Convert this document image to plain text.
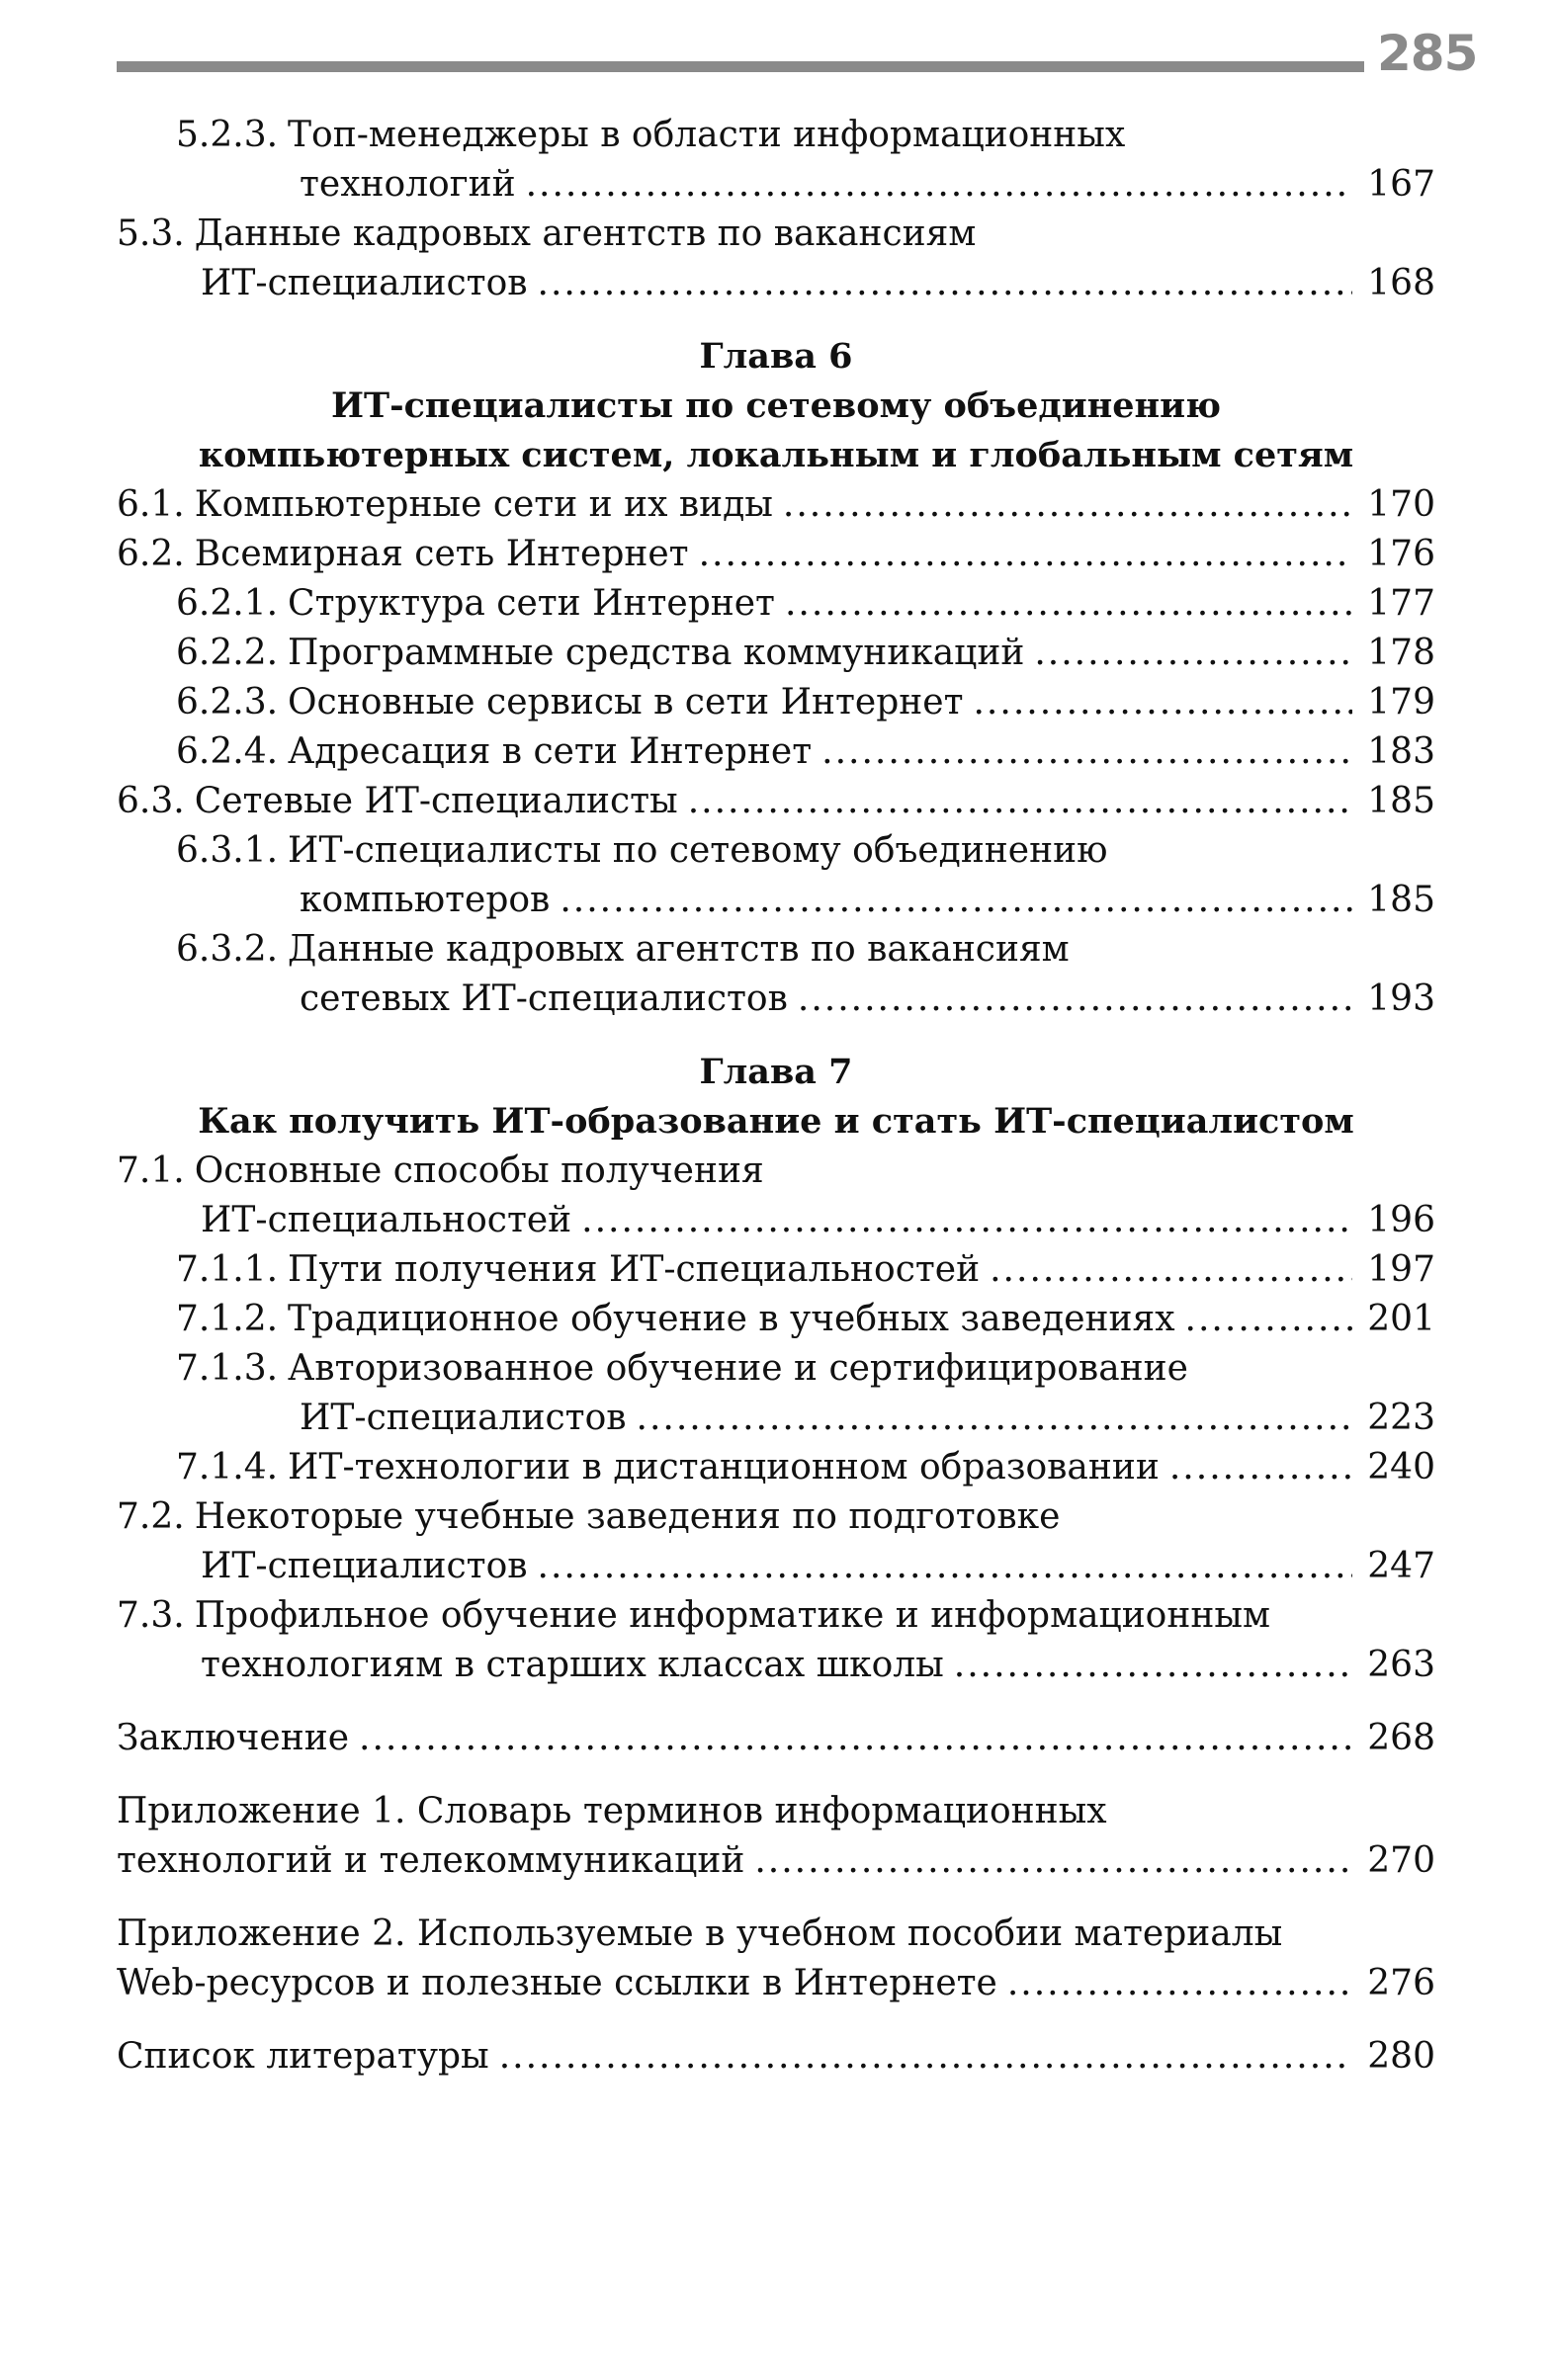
285
5.2.3. Топ-менеджеры в области информационных
технологий .....	167
5.3. Данные кадровых агентств по вакансиям
ИТ-специалистов .....	168
Глава 6
ИТ-специалисты по сетевому объединению
компьютерных систем, локальным и глобальным сетям
6.1. Компьютерные сети и их виды .....	170
6.2. Всемирная сеть Интернет .....	176
6.2.1. Структура сети Интернет .....	177
6.2.2. Программные средства коммуникаций .....	178
6.2.3. Основные сервисы в сети Интернет .....	179
6.2.4. Адресация в сети Интернет .....	183
6.3. Сетевые ИТ-специалисты .....	185
6.3.1. ИТ-специалисты по сетевому объединению
компьютеров .....	185
6.3.2. Данные кадровых агентств по вакансиям
сетевых ИТ-специалистов .....	193
Глава 7
Как получить ИТ-образование и стать ИТ-специалистом
7.1. Основные способы получения
ИТ-специальностей .....	196
7.1.1. Пути получения ИТ-специальностей .....	197
7.1.2. Традиционное обучение в учебных заведениях .....	201
7.1.3. Авторизованное обучение и сертифицирование
ИТ-специалистов .....	223
7.1.4. ИТ-технологии в дистанционном образовании .....	240
7.2. Некоторые учебные заведения по подготовке
ИТ-специалистов .....	247
7.3. Профильное обучение информатике и информационным
технологиям в старших классах школы .....	263
Заключение .....	268
Приложение 1. Словарь терминов информационных
технологий и телекоммуникаций .....	270
Приложение 2. Используемые в учебном пособии материалы
Web-ресурсов и полезные ссылки в Интернете .....	276
Список литературы .....	280
